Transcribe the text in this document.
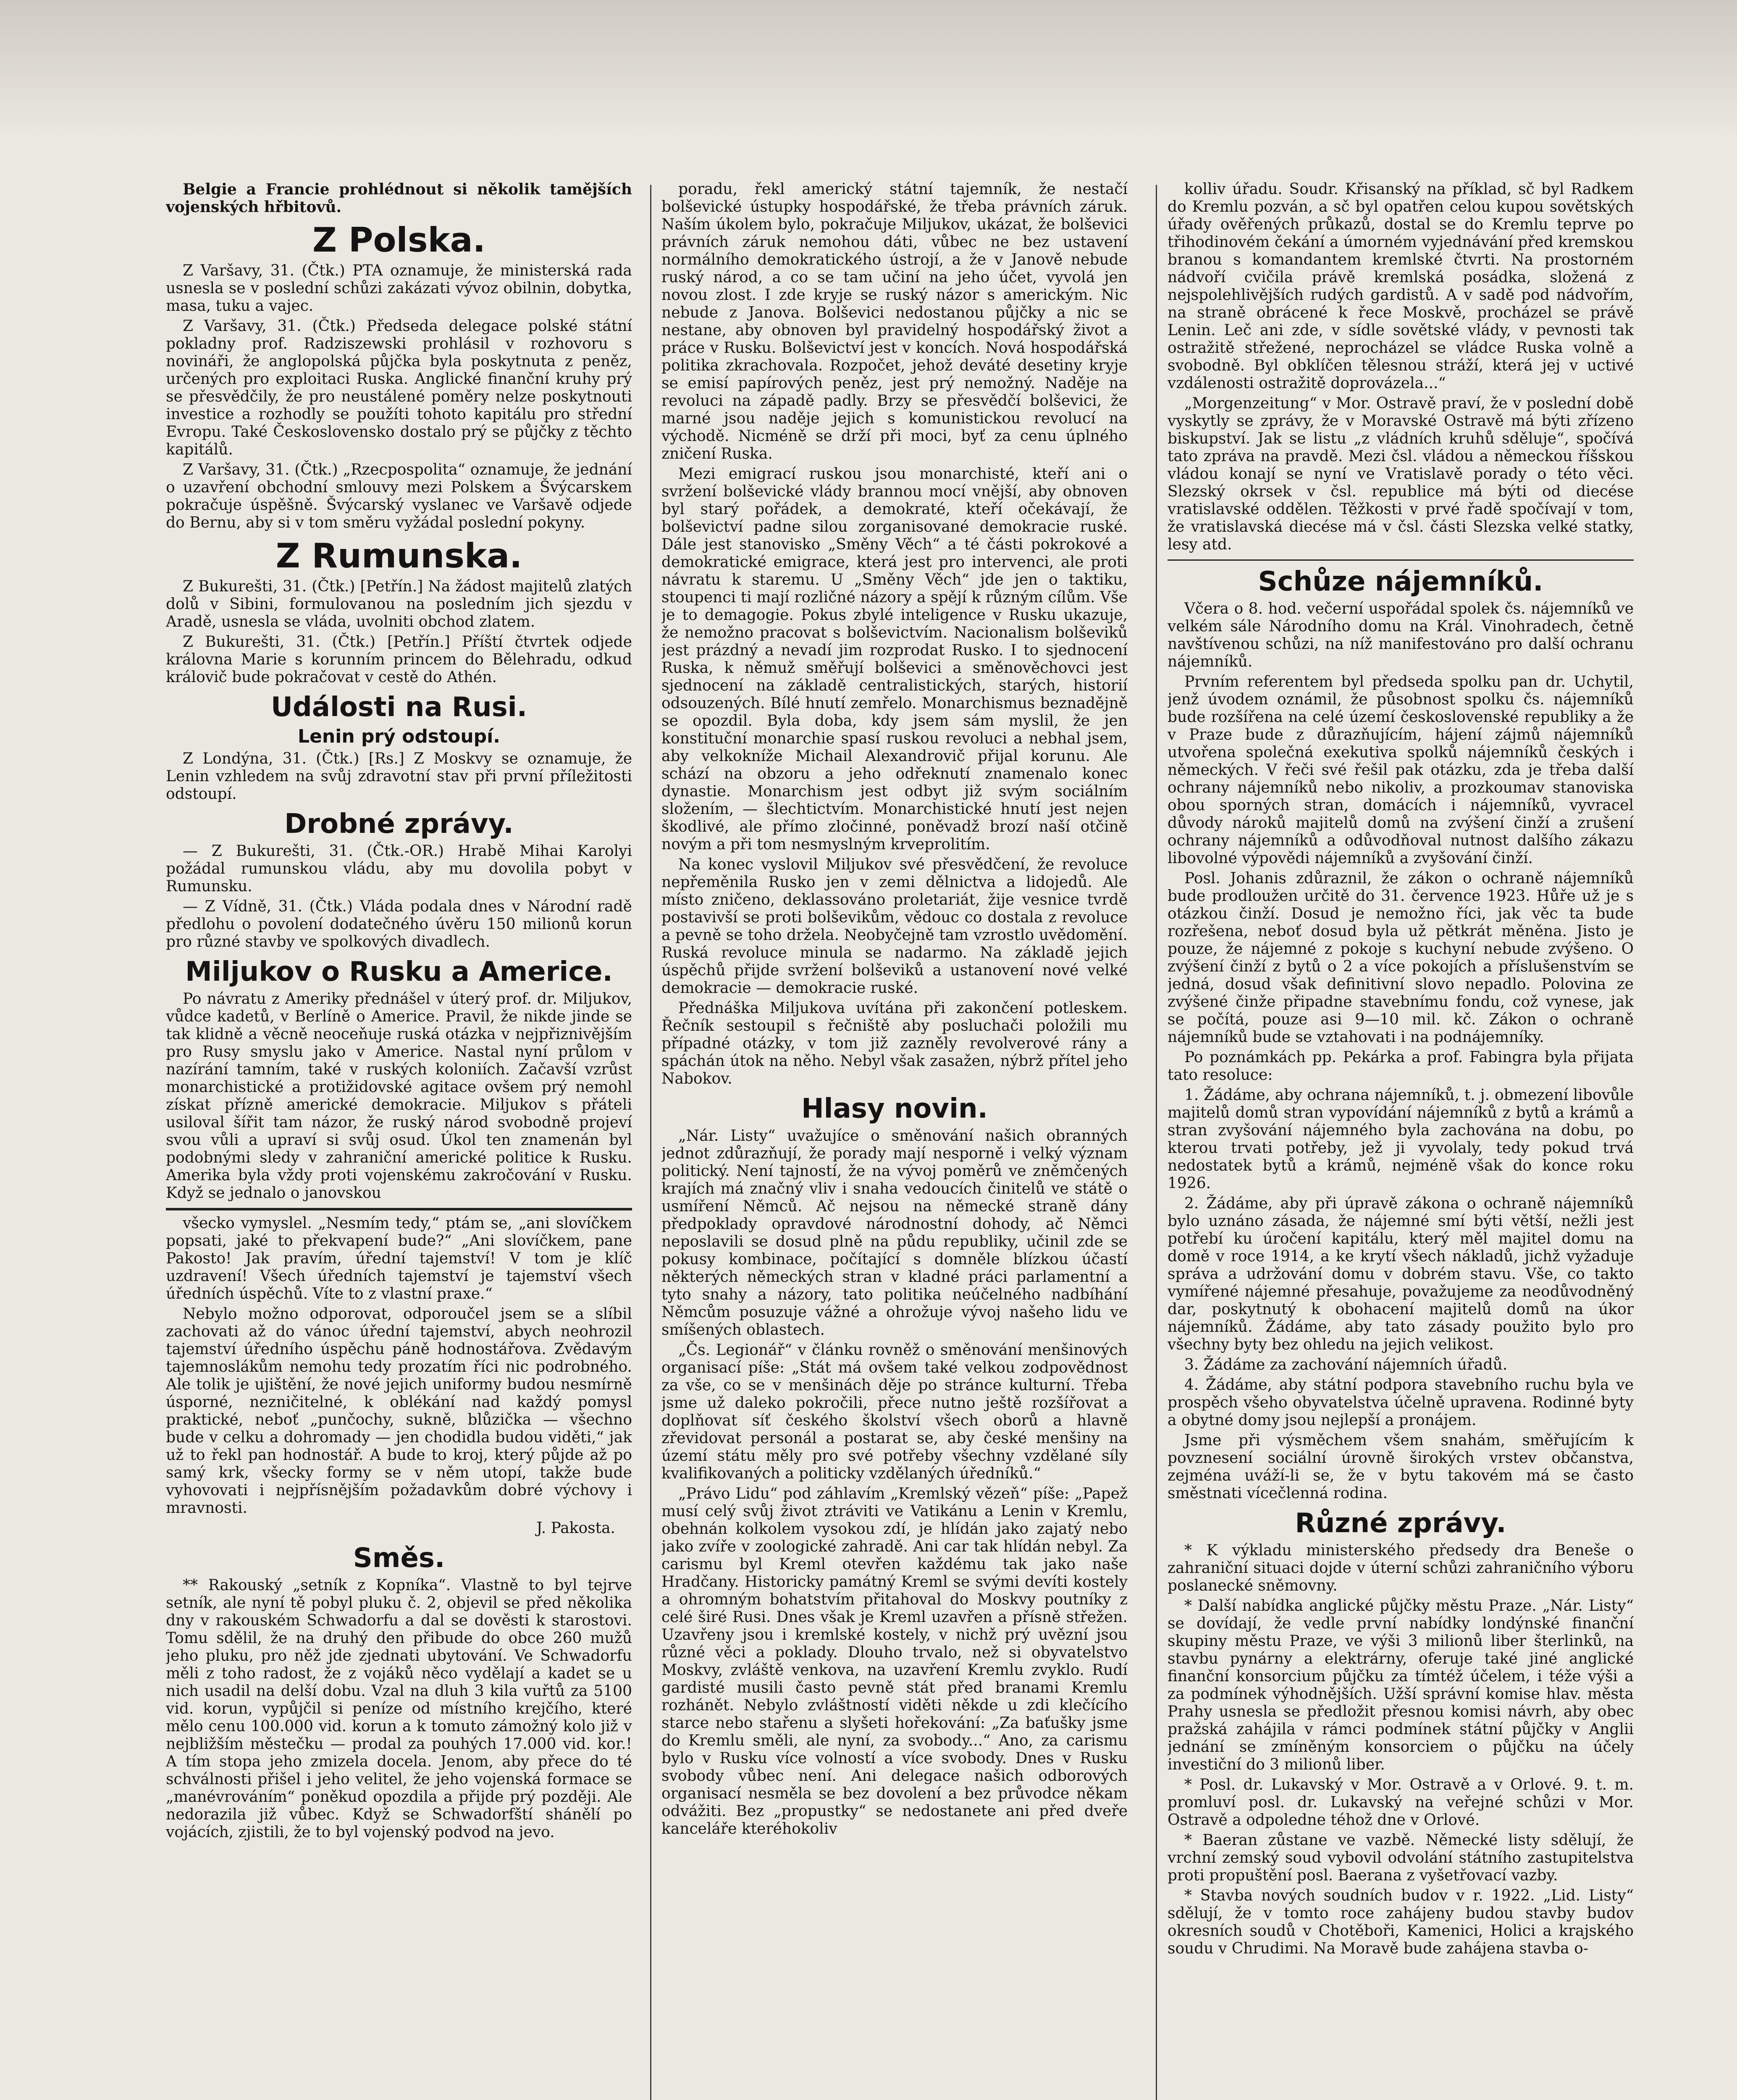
Belgie a Francie prohlédnout si několik tamějších vojenských hřbitovů.

Z Polska.

Z Varšavy, 31. (Čtk.) PTA oznamuje, že ministerská rada usnesla se v poslední schůzi zakázati vývoz obilnin, dobytka, masa, tuku a vajec.

Z Varšavy, 31. (Čtk.) Předseda delegace polské státní pokladny prof. Radziszewski prohlásil v rozhovoru s novináři, že anglopolská půjčka byla poskytnuta z peněz, určených pro exploitaci Ruska. Anglické finanční kruhy prý se přesvědčily, že pro neustálené poměry nelze poskytnouti investice a rozhodly se použíti tohoto kapitálu pro střední Evropu. Také Československo dostalo prý se půjčky z těchto kapitálů.

Z Varšavy, 31. (Čtk.) „Rzecpospolita“ oznamuje, že jednání o uzavření obchodní smlouvy mezi Polskem a Švýcarskem pokračuje úspěšně. Švýcarský vyslanec ve Varšavě odjede do Bernu, aby si v tom směru vyžádal poslední pokyny.

Z Rumunska.

Z Bukurešti, 31. (Čtk.) [Petřín.] Na žádost majitelů zlatých dolů v Sibini, formulovanou na posledním jich sjezdu v Aradě, usnesla se vláda, uvolniti obchod zlatem.

Z Bukurešti, 31. (Čtk.) [Petřín.] Příští čtvrtek odjede královna Marie s korunním princem do Bělehradu, odkud královič bude pokračovat v cestě do Athén.

Události na Rusi.
Lenin prý odstoupí.

Z Londýna, 31. (Čtk.) [Rs.] Z Moskvy se oznamuje, že Lenin vzhledem na svůj zdravotní stav při první příležitosti odstoupí.

Drobné zprávy.

— Z Bukurešti, 31. (Čtk.-OR.) Hrabě Mihai Karolyi požádal rumunskou vládu, aby mu dovolila pobyt v Rumunsku.

— Z Vídně, 31. (Čtk.) Vláda podala dnes v Národní radě předlohu o povolení dodatečného úvěru 150 milionů korun pro různé stavby ve spolkových divadlech.

Miljukov o Rusku a Americe.

Po návratu z Ameriky přednášel v úterý prof. dr. Miljukov, vůdce kadetů, v Berlíně o Americe. Pravil, že nikde jinde se tak klidně a věcně neoceňuje ruská otázka v nejpřiznivějším pro Rusy smyslu jako v Americe. Nastal nyní průlom v nazírání tamním, také v ruských koloniích. Začavší vzrůst monarchistické a protižidovské agitace ovšem prý nemohl získat přízně americké demokracie. Miljukov s přáteli usiloval šířit tam názor, že ruský národ svobodně projeví svou vůli a upraví si svůj osud. Úkol ten znamenán byl podobnými sledy v zahraniční americké politice k Rusku. Amerika byla vždy proti vojenskému zakročování v Rusku. Když se jednalo o janovskou

všecko vymyslel. „Nesmím tedy,“ ptám se, „ani slovíčkem popsati, jaké to překvapení bude?“ „Ani slovíčkem, pane Pakosto! Jak pravím, úřední tajemství! V tom je klíč uzdravení! Všech úředních tajemství je tajemství všech úředních úspěchů. Víte to z vlastní praxe.“

Nebylo možno odporovat, odporoučel jsem se a slíbil zachovati až do vánoc úřední tajemství, abych neohrozil tajemství úředního úspěchu páně hodnostářova. Zvědavým tajemnoslákům nemohu tedy prozatím říci nic podrobného. Ale tolik je ujištění, že nové jejich uniformy budou nesmírně úsporné, nezničitelné, k oblékání nad každý pomysl praktické, neboť „punčochy, sukně, blůzička — všechno bude v celku a dohromady — jen chodidla budou viděti,“ jak už to řekl pan hodnostář. A bude to kroj, který půjde až po samý krk, všecky formy se v něm utopí, takže bude vyhovovati i nejpřísnějším požadavkům dobré výchovy i mravnosti.

J. Pakosta.

Směs.

** Rakouský „setník z Kopníka“. Vlastně to byl tejrve setník, ale nyní tě pobyl pluku č. 2, objevil se před několika dny v rakouském Schwadorfu a dal se dověsti k starostovi. Tomu sdělil, že na druhý den přibude do obce 260 mužů jeho pluku, pro něž jde zjednati ubytování. Ve Schwadorfu měli z toho radost, že z vojáků něco vydělají a kadet se u nich usadil na delší dobu. Vzal na dluh 3 kila vuřtů za 5100 vid. korun, vypůjčil si peníze od místního krejčího, které mělo cenu 100.000 vid. korun a k tomuto zámožný kolo již v nejbližším městečku — prodal za pouhých 17.000 vid. kor.! A tím stopa jeho zmizela docela. Jenom, aby přece do té schválnosti přišel i jeho velitel, že jeho vojenská formace se „manévrováním“ poněkud opozdila a přijde prý později. Ale nedorazila již vůbec. Když se Schwadorfští shánělí po vojácích, zjistili, že to byl vojenský podvod na jevo.

poradu, řekl americký státní tajemník, že nestačí bolševické ústupky hospodářské, že třeba právních záruk. Naším úkolem bylo, pokračuje Miljukov, ukázat, že bolševici právních záruk nemohou dáti, vůbec ne bez ustavení normálního demokratického ústrojí, a že v Janově nebude ruský národ, a co se tam učiní na jeho účet, vyvolá jen novou zlost. I zde kryje se ruský názor s americkým. Nic nebude z Janova. Bolševici nedostanou půjčky a nic se nestane, aby obnoven byl pravidelný hospodářský život a práce v Rusku. Bolševictví jest v koncích. Nová hospodářská politika zkrachovala. Rozpočet, jehož deváté desetiny kryje se emisí papírových peněz, jest prý nemožný. Naděje na revoluci na západě padly. Brzy se přesvědčí bolševici, že marné jsou naděje jejich s komunistickou revolucí na východě. Nicméně se drží při moci, byť za cenu úplného zničení Ruska.

Mezi emigrací ruskou jsou monarchisté, kteří ani o svržení bolševické vlády brannou mocí vnější, aby obnoven byl starý pořádek, a demokraté, kteří očekávají, že bolševictví padne silou zorganisované demokracie ruské. Dále jest stanovisko „Směny Věch“ a té části pokrokové a demokratické emigrace, která jest pro intervenci, ale proti návratu k staremu. U „Směny Věch“ jde jen o taktiku, stoupenci ti mají rozličné názory a spějí k různým cílům. Vše je to demagogie. Pokus zbylé inteligence v Rusku ukazuje, že nemožno pracovat s bolševictvím. Nacionalism bolševiků jest prázdný a nevadí jim rozprodat Rusko. I to sjednocení Ruska, k němuž směřují bolševici a směnověchovci jest sjednocení na základě centralistických, starých, historií odsouzených. Bílé hnutí zemřelo. Monarchismus beznadějně se opozdil. Byla doba, kdy jsem sám myslil, že jen konstituční monarchie spasí ruskou revoluci a nebhal jsem, aby velkokníže Michail Alexandrovič přijal korunu. Ale schází na obzoru a jeho odřeknutí znamenalo konec dynastie. Monarchism jest odbyt již svým sociálním složením, — šlechtictvím. Monarchistické hnutí jest nejen škodlivé, ale přímo zločinné, poněvadž brozí naší otčině novým a při tom nesmyslným krveprolitím.

Na konec vyslovil Miljukov své přesvědčení, že revoluce nepřeměnila Rusko jen v zemi dělnictva a lidojedů. Ale místo zničeno, deklassováno proletariát, žije vesnice tvrdě postavivší se proti bolševikům, vědouc co dostala z revoluce a pevně se toho držela. Neobyčejně tam vzrostlo uvědomění. Ruská revoluce minula se nadarmo. Na základě jejich úspěchů přijde svržení bolševiků a ustanovení nové velké demokracie — demokracie ruské.

Přednáška Miljukova uvítána při zakončení potleskem. Řečník sestoupil s řečniště aby posluchači položili mu případné otázky, v tom již zazněly revolverové rány a spáchán útok na něho. Nebyl však zasažen, nýbrž přítel jeho Nabokov.

Hlasy novin.

„Nár. Listy“ uvažujíce o směnování našich obranných jednot zdůrazňují, že porady mají nesporně i velký význam politický. Není tajností, že na vývoj poměrů ve zněmčených krajích má značný vliv i snaha vedoucích činitelů ve státě o usmíření Němců. Ač nejsou na německé straně dány předpoklady opravdové národnostní dohody, ač Němci neposlavili se dosud plně na půdu republiky, učinil zde se pokusy kombinace, počítající s domněle blízkou účastí některých německých stran v kladné práci parlamentní a tyto snahy a názory, tato politika neúčelného nadbíhání Němcům posuzuje vážné a ohrožuje vývoj našeho lidu ve smíšených oblastech.

„Čs. Legionář“ v článku rovněž o směnování menšinových organisací píše: „Stát má ovšem také velkou zodpovědnost za vše, co se v menšinách děje po stránce kulturní. Třeba jsme už daleko pokročili, přece nutno ještě rozšířovat a doplňovat síť českého školství všech oborů a hlavně zřevidovat personál a postarat se, aby české menšiny na území státu měly pro své potřeby všechny vzdělané síly kvalifikovaných a politicky vzdělaných úředníků.“

„Právo Lidu“ pod záhlavím „Kremlský vězeň“ píše: „Papež musí celý svůj život ztráviti ve Vatikánu a Lenin v Kremlu, obehnán kolkolem vysokou zdí, je hlídán jako zajatý nebo jako zvíře v zoologické zahradě. Ani car tak hlídán nebyl. Za carismu byl Kreml otevřen každému tak jako naše Hradčany. Historicky památný Kreml se svými devíti kostely a ohromným bohatstvím přitahoval do Moskvy poutníky z celé širé Rusi. Dnes však je Kreml uzavřen a přísně střežen. Uzavřeny jsou i kremlské kostely, v nichž prý uvězní jsou různé věci a poklady. Dlouho trvalo, než si obyvatelstvo Moskvy, zvláště venkova, na uzavření Kremlu zvyklo. Rudí gardisté musili často pevně stát před branami Kremlu rozhánět. Nebylo zvláštností viděti někde u zdi klečícího starce nebo stařenu a slyšeti hořekování: „Za baťušky jsme do Kremlu směli, ale nyní, za svobody...“ Ano, za carismu bylo v Rusku více volností a více svobody. Dnes v Rusku svobody vůbec není. Ani delegace našich odborových organisací nesměla se bez dovolení a bez průvodce někam odvážiti. Bez „propustky“ se nedostanete ani před dveře kanceláře kteréhokoliv

kolliv úřadu. Soudr. Křisanský na příklad, sč byl Radkem do Kremlu pozván, a sč byl opatřen celou kupou sovětských úřady ověřených průkazů, dostal se do Kremlu teprve po třihodinovém čekání a úmorném vyjednávání před kremskou branou s komandantem kremlské čtvrti. Na prostorném nádvoří cvičila právě kremlská posádka, složená z nejspolehlivějších rudých gardistů. A v sadě pod nádvořím, na straně obrácené k řece Moskvě, procházel se právě Lenin. Leč ani zde, v sídle sovětské vlády, v pevnosti tak ostražitě střežené, neprocházel se vládce Ruska volně a svobodně. Byl obklíčen tělesnou stráží, která jej v uctivé vzdálenosti ostražitě doprovázela...“

„Morgenzeitung“ v Mor. Ostravě praví, že v poslední době vyskytly se zprávy, že v Moravské Ostravě má býti zřízeno biskupství. Jak se listu „z vládních kruhů sděluje“, spočívá tato zpráva na pravdě. Mezi čsl. vládou a německou říšskou vládou konají se nyní ve Vratislavě porady o této věci. Slezský okrsek v čsl. republice má býti od diecése vratislavské oddělen. Těžkosti v prvé řadě spočívají v tom, že vratislavská diecése má v čsl. části Slezska velké statky, lesy atd.

Schůze nájemníků.

Včera o 8. hod. večerní uspořádal spolek čs. nájemníků ve velkém sále Národního domu na Král. Vinohradech, četně navštívenou schůzi, na níž manifestováno pro další ochranu nájemníků.

Prvním referentem byl předseda spolku pan dr. Uchytil, jenž úvodem oznámil, že působnost spolku čs. nájemníků bude rozšířena na celé území československé republiky a že v Praze bude z důrazňujícím, hájení zájmů nájemníků utvořena společná exekutiva spolků nájemníků českých i německých. V řeči své řešil pak otázku, zda je třeba další ochrany nájemníků nebo nikoliv, a prozkoumav stanoviska obou sporných stran, domácích i nájemníků, vyvracel důvody nároků majitelů domů na zvýšení činží a zrušení ochrany nájemníků a odůvodňoval nutnost dalšího zákazu libovolné výpovědi nájemníků a zvyšování činží.

Posl. Johanis zdůraznil, že zákon o ochraně nájemníků bude prodloužen určitě do 31. července 1923. Hůře už je s otázkou činží. Dosud je nemožno říci, jak věc ta bude rozřešena, neboť dosud byla už pětkrát měněna. Jisto je pouze, že nájemné z pokoje s kuchyní nebude zvýšeno. O zvýšení činží z bytů o 2 a více pokojích a příslušenstvím se jedná, dosud však definitivní slovo nepadlo. Polovina ze zvýšené činže připadne stavebnímu fondu, což vynese, jak se počítá, pouze asi 9—10 mil. kč. Zákon o ochraně nájemníků bude se vztahovati i na podnájemníky.

Po poznámkách pp. Pekárka a prof. Fabingra byla přijata tato resoluce:

1. Žádáme, aby ochrana nájemníků, t. j. obmezení libovůle majitelů domů stran vypovídání nájemníků z bytů a krámů a stran zvyšování nájemného byla zachována na dobu, po kterou trvati potřeby, jež ji vyvolaly, tedy pokud trvá nedostatek bytů a krámů, nejméně však do konce roku 1926.

2. Žádáme, aby při úpravě zákona o ochraně nájemníků bylo uznáno zásada, že nájemné smí býti větší, nežli jest potřebí ku úročení kapitálu, který měl majitel domu na domě v roce 1914, a ke krytí všech nákladů, jichž vyžaduje správa a udržování domu v dobrém stavu. Vše, co takto vymířené nájemné přesahuje, považujeme za neodůvodněný dar, poskytnutý k obohacení majitelů domů na úkor nájemníků. Žádáme, aby tato zásady použito bylo pro všechny byty bez ohledu na jejich velikost.

3. Žádáme za zachování nájemních úřadů.

4. Žádáme, aby státní podpora stavebního ruchu byla ve prospěch všeho obyvatelstva účelně upravena. Rodinné byty a obytné domy jsou nejlepší a pronájem.

Jsme při výsměchem všem snahám, směřujícím k povznesení sociální úrovně širokých vrstev občanstva, zejména uváží-li se, že v bytu takovém má se často směstnati vícečlenná rodina.

Různé zprávy.

* K výkladu ministerského předsedy dra Beneše o zahraniční situaci dojde v úterní schůzi zahraničního výboru poslanecké sněmovny.

* Další nabídka anglické půjčky městu Praze. „Nár. Listy“ se dovídají, že vedle první nabídky londýnské finanční skupiny městu Praze, ve výši 3 milionů liber šterlinků, na stavbu pynárny a elektrárny, oferuje také jiné anglické finanční konsorcium půjčku za tímtéž účelem, i téže výši a za podmínek výhodnějších. Užší správní komise hlav. města Prahy usnesla se předložit přesnou komisi návrh, aby obec pražská zahájila v rámci podmínek státní půjčky v Anglii jednání se zmíněným konsorciem o půjčku na účely investiční do 3 milionů liber.

* Posl. dr. Lukavský v Mor. Ostravě a v Orlové. 9. t. m. promluví posl. dr. Lukavský na veřejné schůzi v Mor. Ostravě a odpoledne téhož dne v Orlové.

* Baeran zůstane ve vazbě. Německé listy sdělují, že vrchní zemský soud vybovil odvolání státního zastupitelstva proti propuštění posl. Baerana z vyšetřovací vazby.

* Stavba nových soudních budov v r. 1922. „Lid. Listy“ sdělují, že v tomto roce zahájeny budou stavby budov okresních soudů v Chotěboři, Kamenici, Holici a krajského soudu v Chrudimi. Na Moravě bude zahájena stavba o-
